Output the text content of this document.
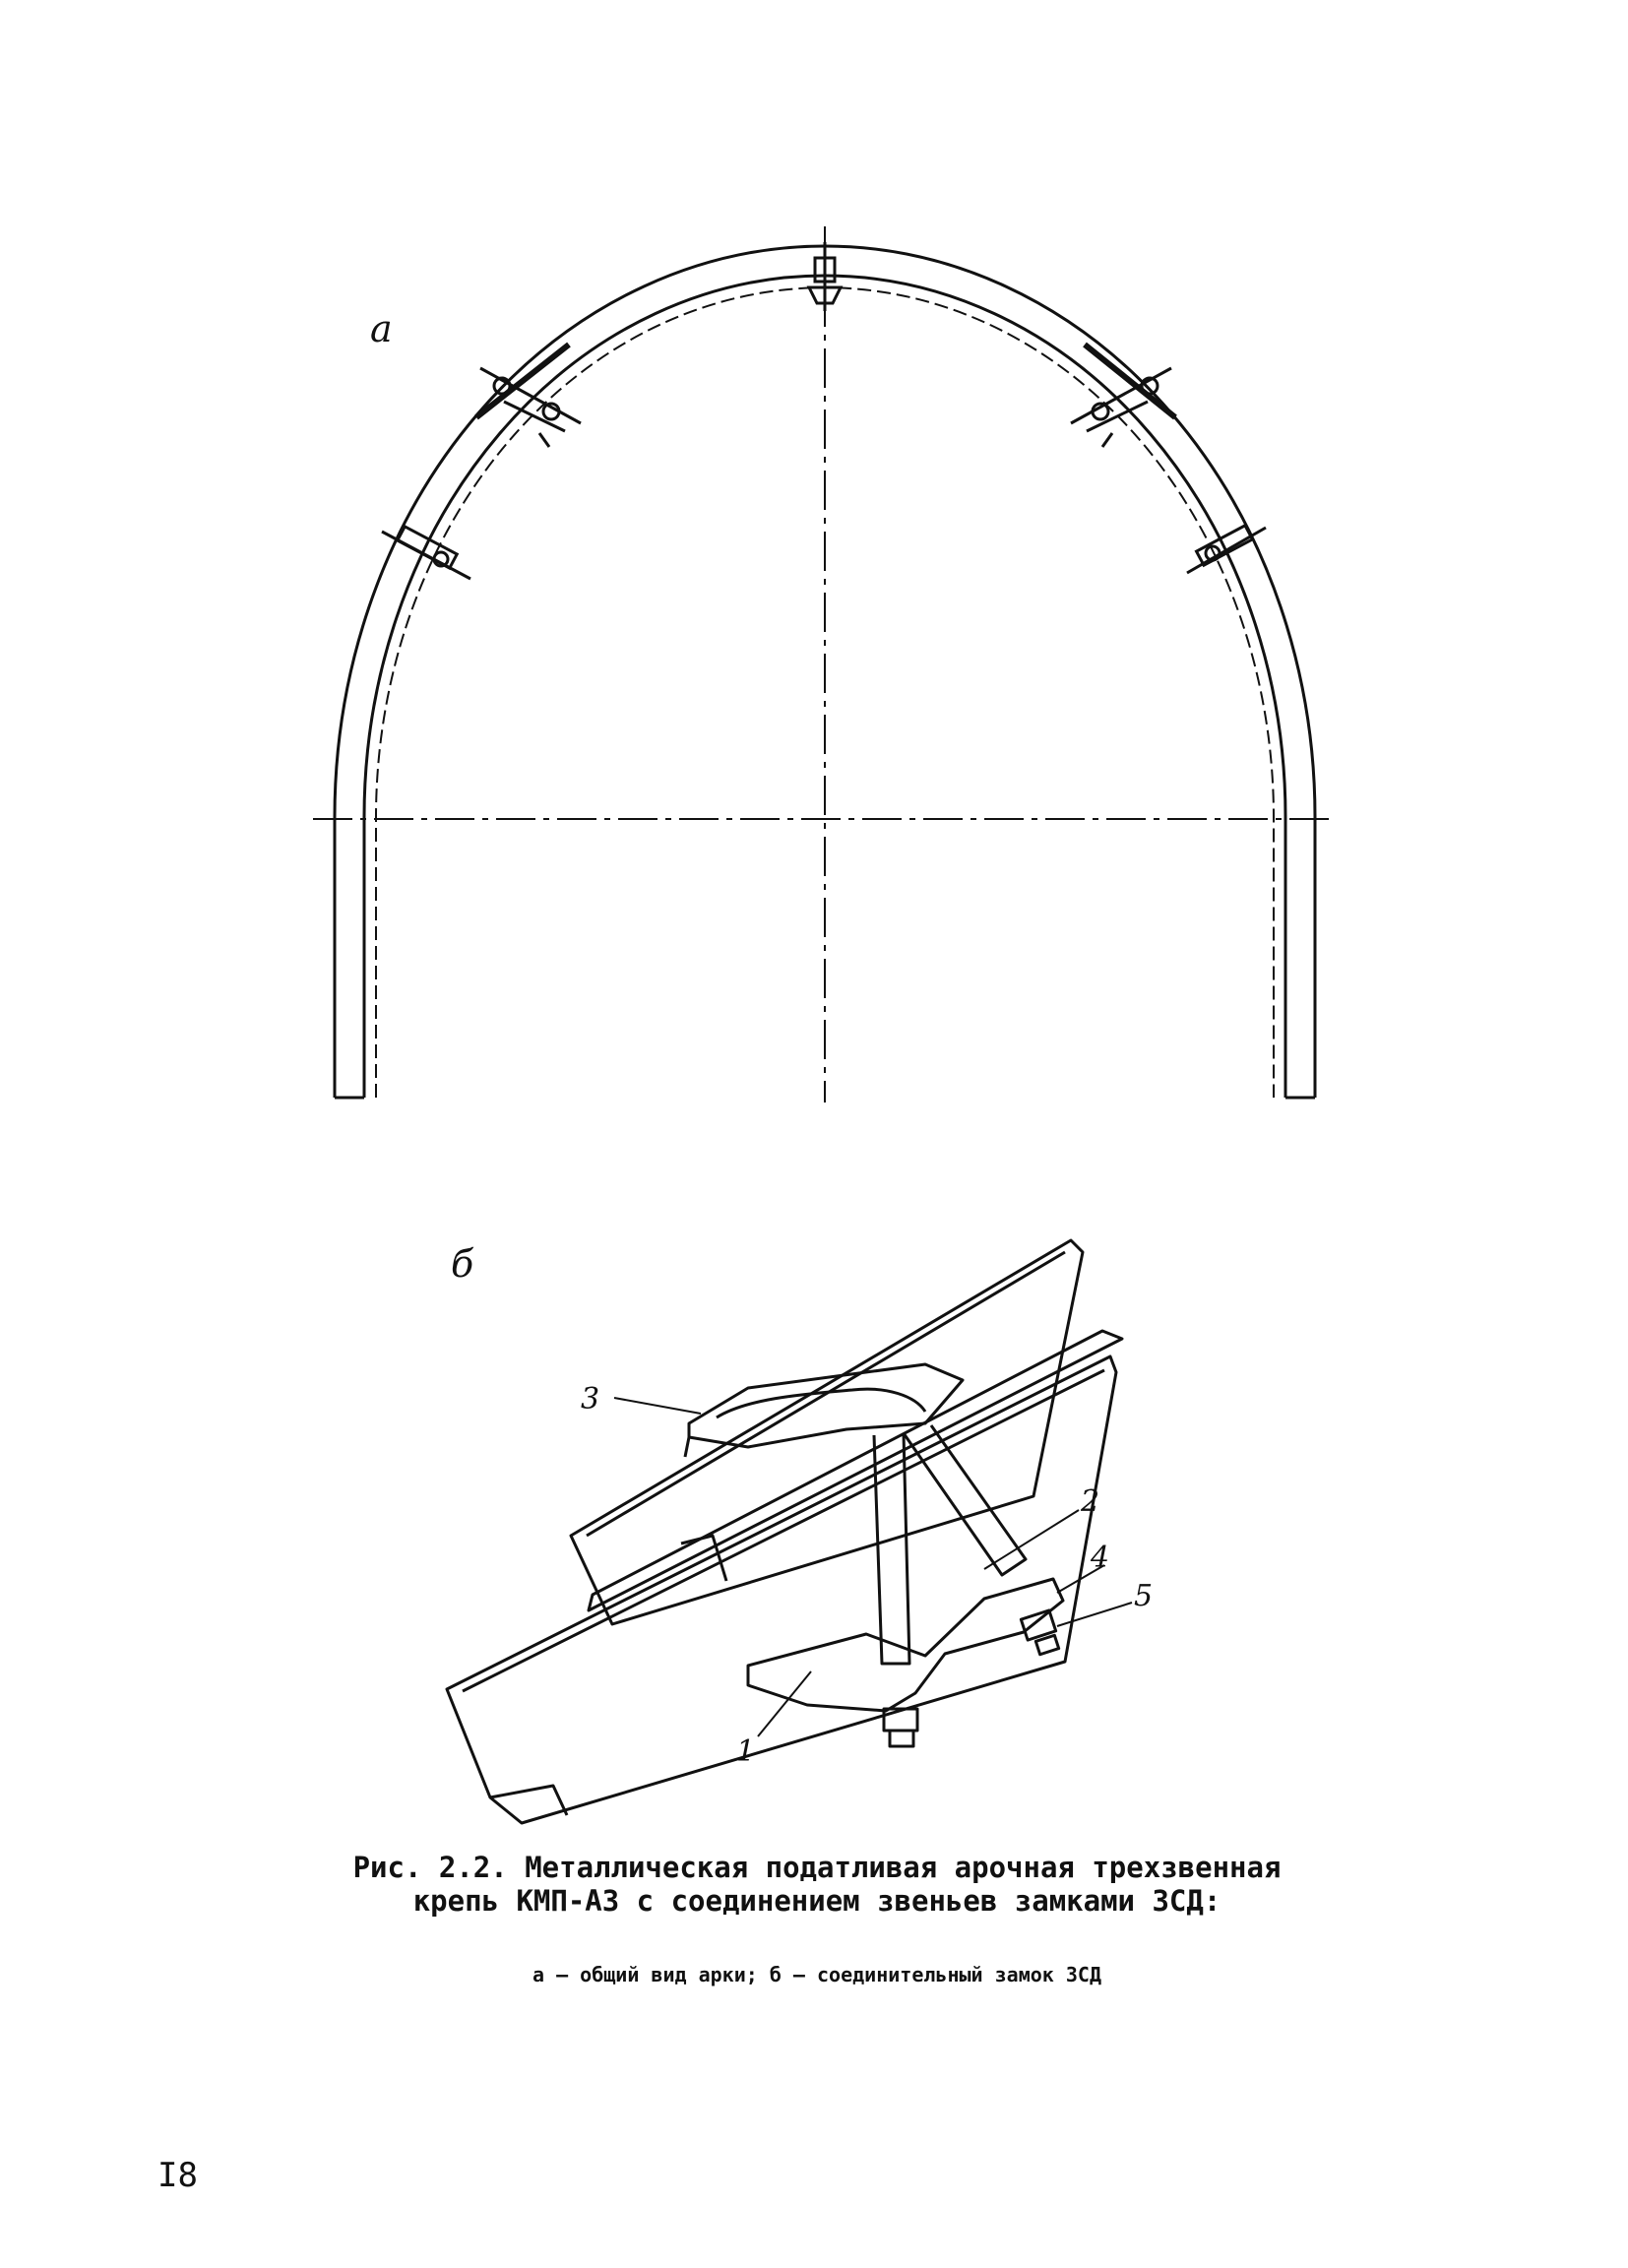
a
б
3
2
4
5
1
Рис. 2.2. Металлическая податливая арочная трехзвенная
крепь КМП-А3 с соединением звеньев замками ЗСД:
а – общий вид арки; б – соединительный замок ЗСД
I8
